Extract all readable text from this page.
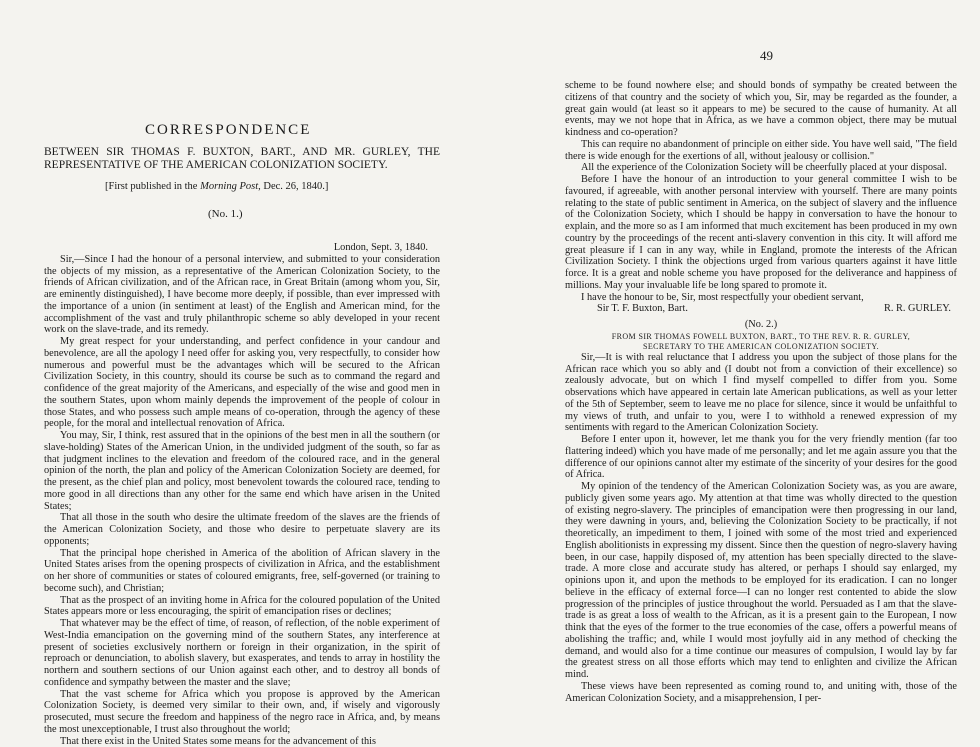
49
CORRESPONDENCE
BETWEEN SIR THOMAS F. BUXTON, BART., AND MR. GURLEY, THE REPRESENTATIVE OF THE AMERICAN COLONIZATION SOCIETY.
[First published in the Morning Post, Dec. 26, 1840.]
(No. 1.)

London, Sept. 3, 1840.

Sir,—Since I had the honour of a personal interview, and submitted to your consideration the objects of my mission, as a representative of the American Colonization Society, to the friends of African civilization, and of the African race, in Great Britain (among whom you, Sir, are eminently distinguished), I have become more deeply, if possible, than ever impressed with the importance of a union (in sentiment at least) of the English and American mind, for the accomplishment of the vast and truly philanthropic scheme so ably developed in your recent work on the slave-trade, and its remedy.

My great respect for your understanding, and perfect confidence in your candour and benevolence, are all the apology I need offer for asking you, very respectfully, to consider how numerous and powerful must be the advantages which will be secured to the African Civilization Society, in this country, should its course be such as to command the regard and confidence of the great majority of the Americans, and especially of the wise and good men in the southern States, upon whom mainly depends the improvement of the people of colour in those States, and who possess such ample means of co-operation, through the agency of these people, for the moral and intellectual renovation of Africa.

You may, Sir, I think, rest assured that in the opinions of the best men in all the southern (or slave-holding) States of the American Union, in the undivided judgment of the south, so far as that judgment inclines to the elevation and freedom of the coloured race, and in the general opinion of the north, the plan and policy of the American Colonization Society are deemed, for the present, as the chief plan and policy, most benevolent towards the coloured race, tending to more good in all directions than any other for the same end which have arisen in the United States;

That all those in the south who desire the ultimate freedom of the slaves are the friends of the American Colonization Society, and those who desire to perpetuate slavery are its opponents;

That the principal hope cherished in America of the abolition of African slavery in the United States arises from the opening prospects of civilization in Africa, and the establishment on her shore of communities or states of coloured emigrants, free, self-governed (or training to become such), and Christian;

That as the prospect of an inviting home in Africa for the coloured population of the United States appears more or less encouraging, the spirit of emancipation rises or declines;

That whatever may be the effect of time, of reason, of reflection, of the noble experiment of West-India emancipation on the governing mind of the southern States, any interference at present of societies exclusively northern or foreign in their organization, in the spirit of reproach or denunciation, to abolish slavery, but exasperates, and tends to array in hostility the northern and southern sections of our Union against each other, and to destroy all bonds of confidence and sympathy between the master and the slave;

That the vast scheme for Africa which you propose is approved by the American Colonization Society, is deemed very similar to their own, and, if wisely and vigorously prosecuted, must secure the freedom and happiness of the negro race in Africa, and, by means the most unexceptionable, I trust also throughout the world;

That there exist in the United States some means for the advancement of this

scheme to be found nowhere else; and should bonds of sympathy be created between the citizens of that country and the society of which you, Sir, may be regarded as the founder, a great gain would (at least so it appears to me) be secured to the cause of humanity. At all events, may we not hope that in Africa, as we have a common object, there may be mutual kindness and co-operation?

This can require no abandonment of principle on either side. You have well said, "The field there is wide enough for the exertions of all, without jealousy or collision."

All the experience of the Colonization Society will be cheerfully placed at your disposal.

Before I have the honour of an introduction to your general committee I wish to be favoured, if agreeable, with another personal interview with yourself. There are many points relating to the state of public sentiment in America, on the subject of slavery and the influence of the Colonization Society, which I should be happy in conversation to have the honour to explain, and the more so as I am informed that much excitement has been produced in my own country by the proceedings of the recent anti-slavery convention in this city. It will afford me great pleasure if I can in any way, while in England, promote the interests of the African Civilization Society. I think the objections urged from various quarters against it have little force. It is a great and noble scheme you have proposed for the deliverance and happiness of millions. May your invaluable life be long spared to promote it.

I have the honour to be, Sir, most respectfully your obedient servant,

Sir T. F. Buxton, Bart.	R. R. GURLEY.
(No. 2.)
FROM SIR THOMAS FOWELL BUXTON, BART., TO THE REV. R. R. GURLEY,
SECRETARY TO THE AMERICAN COLONIZATION SOCIETY.

Sir,—It is with real reluctance that I address you upon the subject of those plans for the African race which you so ably and (I doubt not from a conviction of their excellence) so zealously advocate, but on which I find myself compelled to differ from you. Some observations which have appeared in certain late American publications, as well as your letter of the 5th of September, seem to leave me no place for silence, since it would be unfaithful to my views of truth, and unfair to you, were I to withhold a renewed expression of my sentiments with regard to the American Colonization Society.

Before I enter upon it, however, let me thank you for the very friendly mention (far too flattering indeed) which you have made of me personally; and let me again assure you that the difference of our opinions cannot alter my estimate of the sincerity of your desires for the good of Africa.

My opinion of the tendency of the American Colonization Society was, as you are aware, publicly given some years ago. My attention at that time was wholly directed to the question of existing negro-slavery. The principles of emancipation were then progressing in our land, they were dawning in yours, and, believing the Colonization Society to be practically, if not theoretically, an impediment to them, I joined with some of the most tried and experienced English abolitionists in expressing my dissent. Since then the question of negro-slavery having been, in our case, happily disposed of, my attention has been specially directed to the slave-trade. A more close and accurate study has altered, or perhaps I should say enlarged, my opinions upon it, and upon the methods to be employed for its eradication. I can no longer believe in the efficacy of external force—I can no longer rest contented to abide the slow progression of the principles of justice throughout the world. Persuaded as I am that the slave-trade is as great a loss of wealth to the African, as it is a present gain to the European, I now think that the eyes of the former to the true economies of the case, offers a powerful means of abolishing the traffic; and, while I would most joyfully aid in any method of checking the demand, and would also for a time continue our measures of compulsion, I would lay by far the greatest stress on all those efforts which may tend to enlighten and civilize the African mind.

These views have been represented as coming round to, and uniting with, those of the American Colonization Society, and a misapprehension, I per-
